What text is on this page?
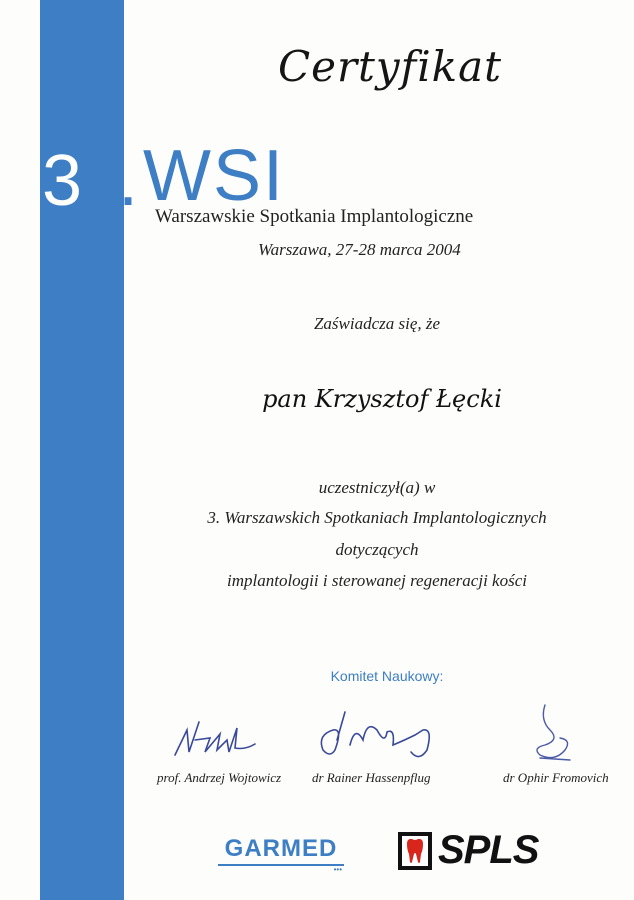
Certyfikat
3 . WSI
Warszawskie Spotkania Implantologiczne
Warszawa, 27-28 marca 2004
Zaświadcza się, że
pan Krzysztof Łęcki
uczestniczył(a) w
3. Warszawskich Spotkaniach Implantologicznych
dotyczących
implantologii i sterowanej regeneracji kości
Komitet Naukowy:
prof. Andrzej Wojtowicz dr Rainer Hassenpflug	dr Ophir Fromovich
GARMED
••• SPLS
